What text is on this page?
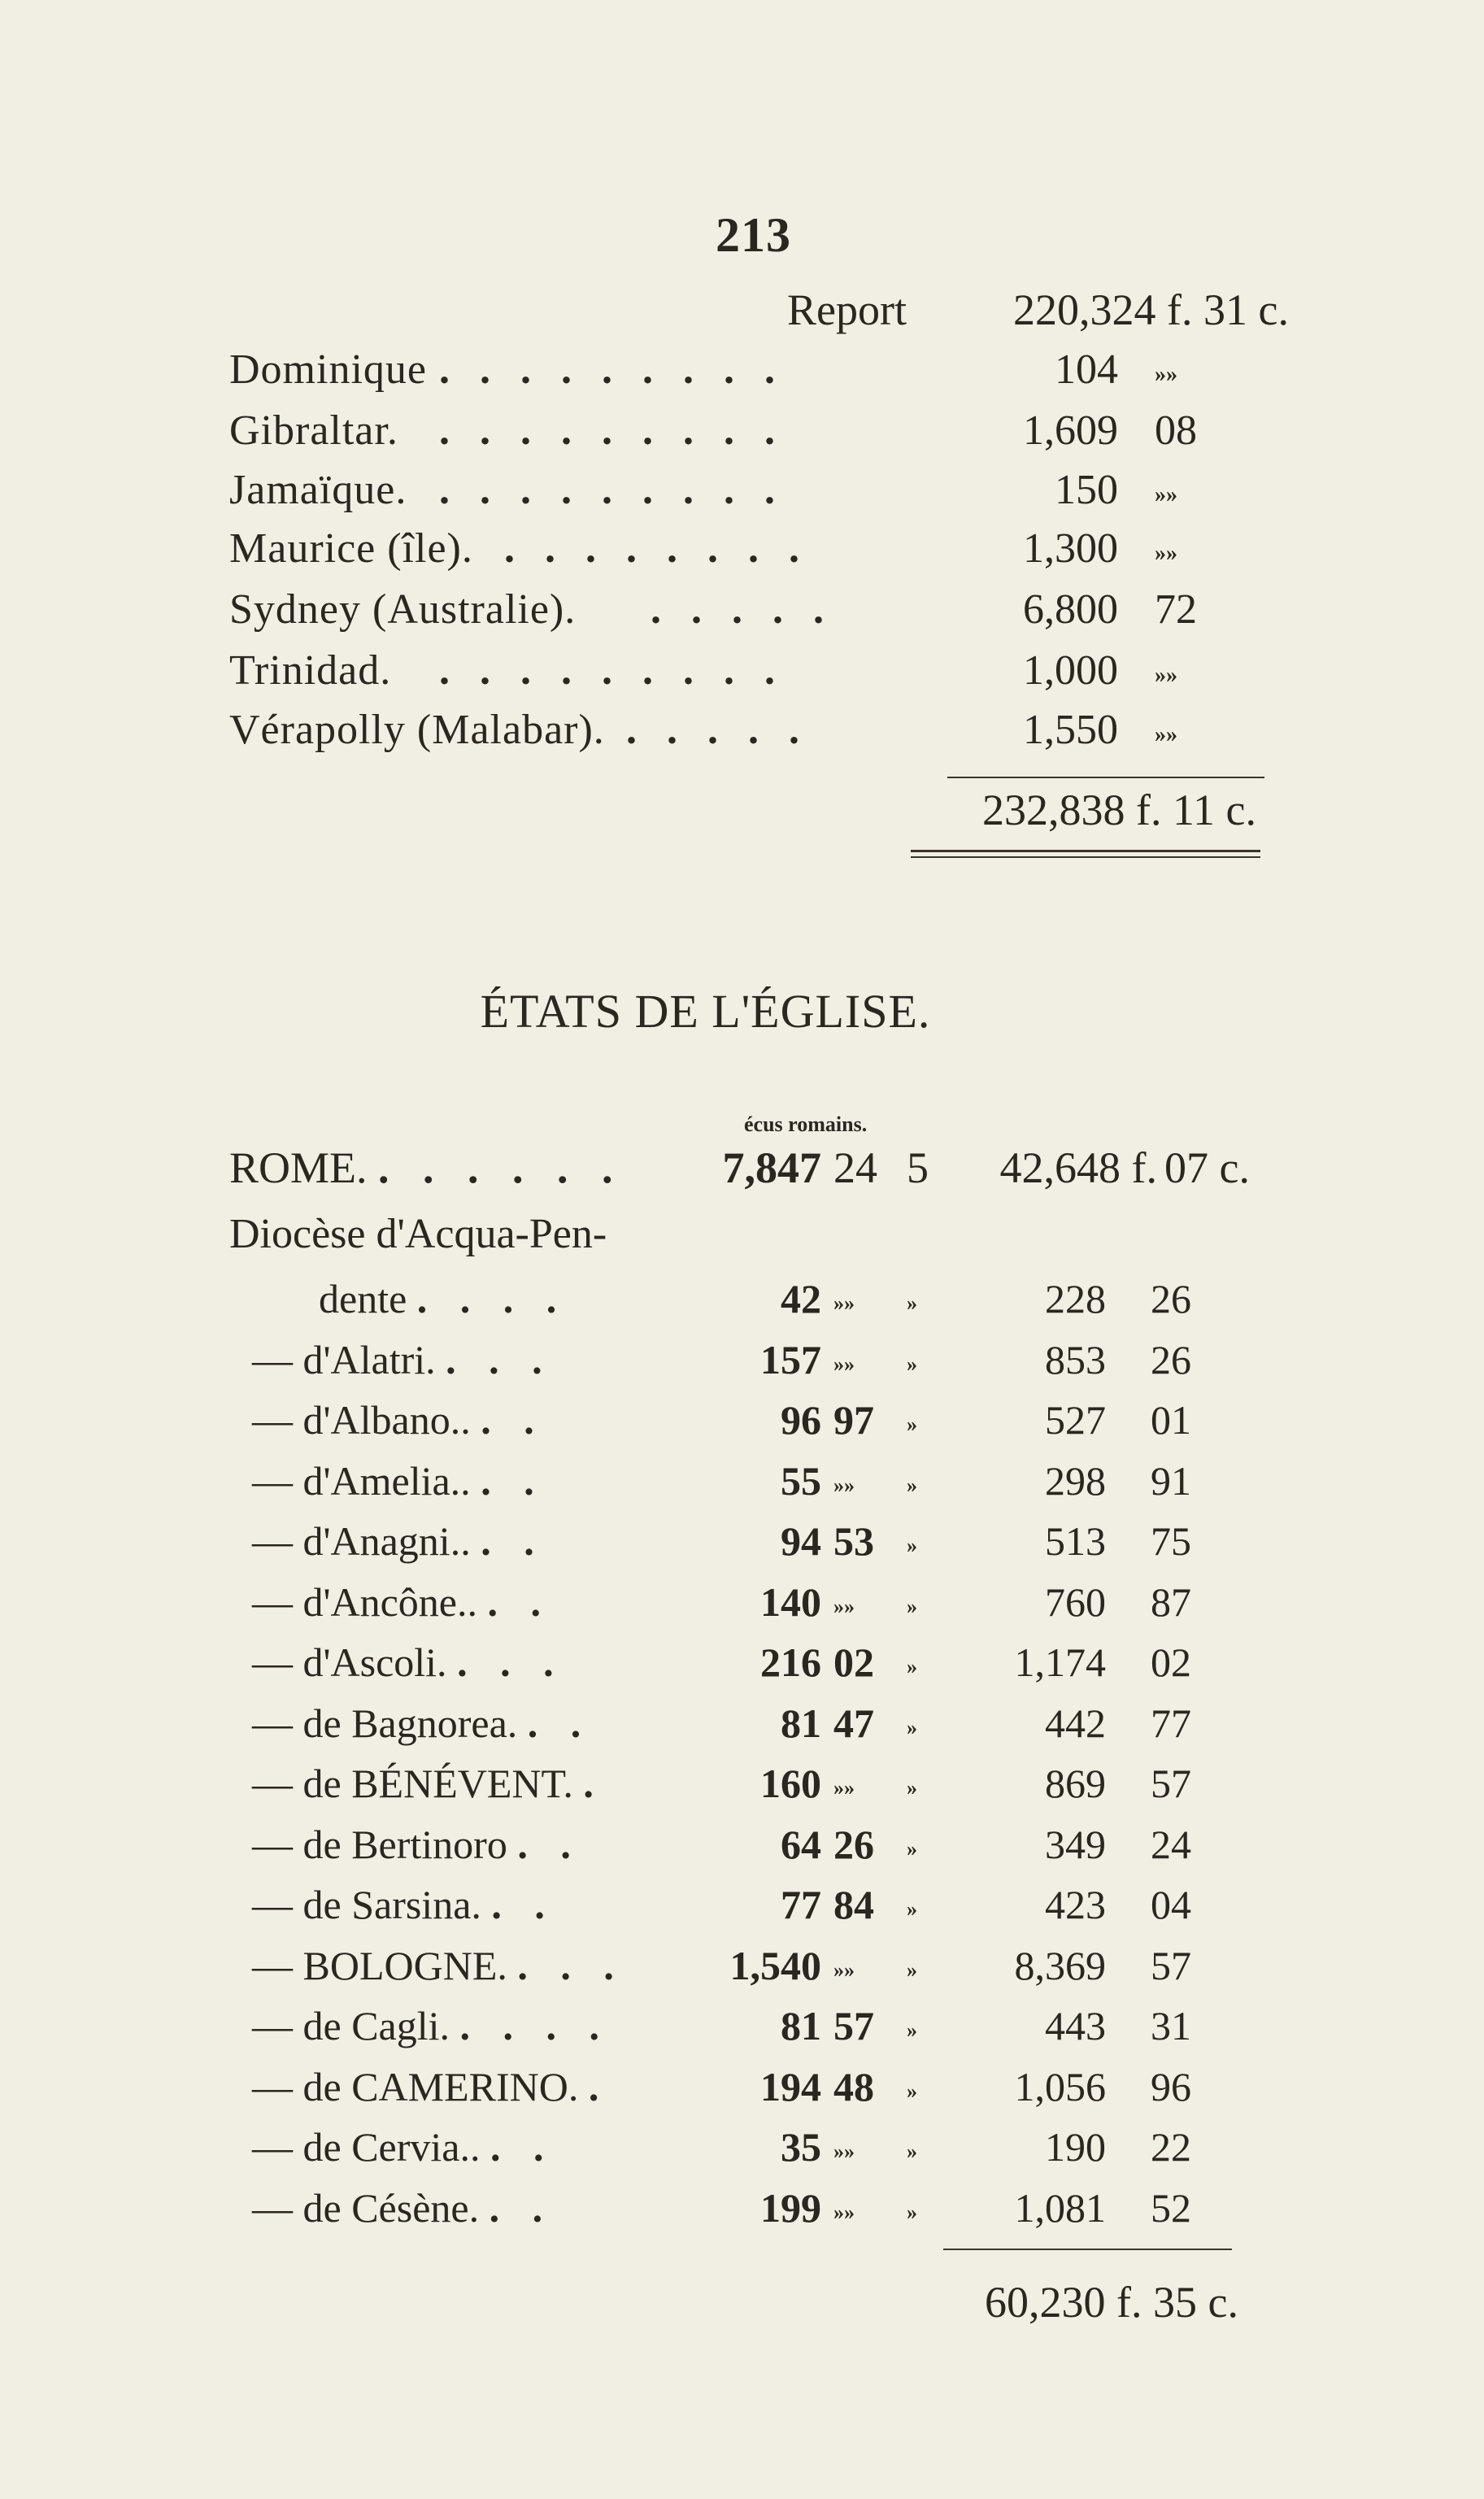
213
Report 220,324 f. 31 c.
Dominique . . . . . . . . .	104 »»
Gibraltar. . . . . . . . . .	1,609 08
Jamaïque. . . . . . . . . .	150 »»
Maurice (île). . . . . . . . .	1,300 »»
Sydney (Australie). . . . . .	6,800 72
Trinidad. . . . . . . . . .	1,000 »»
Vérapolly (Malabar). . . . . .	1,550 »»
232,838 f. 11 c.
ÉTATS DE L'ÉGLISE.
écus romains.
ROME. . . . . . . 7,847 24 5 42,648 f. 07 c.
Diocèse d'Acqua-Pen-
dente . . . .	42 »» »	228 26
— d'Alatri. . . .	157 »» »	853 26
— d'Albano.. . .	96 97 »	527 01
— d'Amelia.. . .	55 »» »	298 91
— d'Anagni.. . .	94 53 »	513 75
— d'Ancône.. . .	140 »» »	760 87
— d'Ascoli. . . .	216 02 » 1,174 02
— de Bagnorea. . .	81 47 »	442 77
— de BÉNÉVENT. .	160 »» »	869 57
— de Bertinoro . .	64 26 »	349 24
— de Sarsina. . .	77 84 »	423 04
— BOLOGNE. . . .	1,540 »» » 8,369 57
— de Cagli. . . . .	81 57 »	443 31
— de CAMERINO. .	194 48 » 1,056 96
— de Cervia.. . .	35 »» »	190 22
— de Césène. . .	199 »» » 1,081 52
60,230 f. 35 c.
